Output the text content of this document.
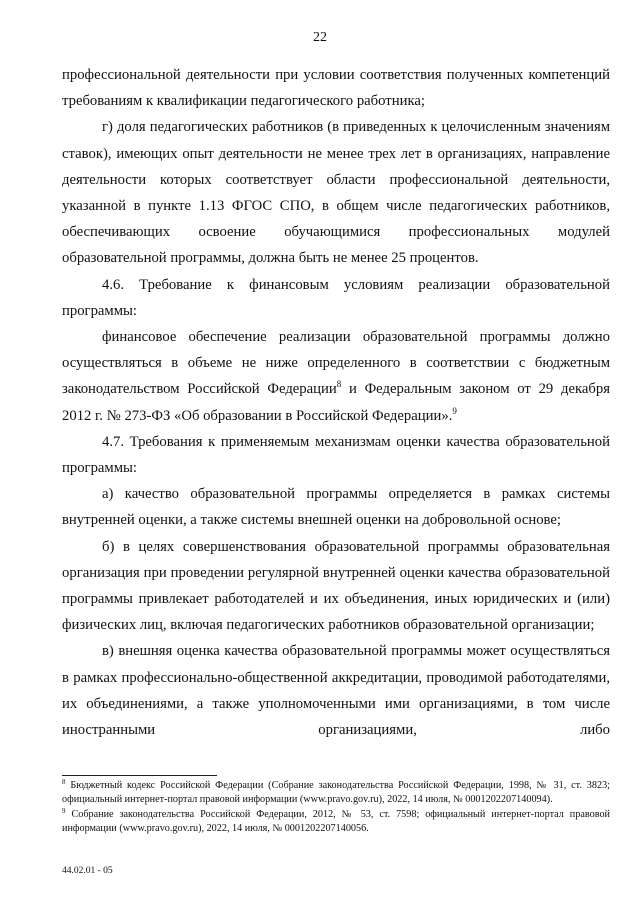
22

профессиональной деятельности при условии соответствия полученных компетенций требованиям к квалификации педагогического работника;

г) доля педагогических работников (в приведенных к целочисленным значениям ставок), имеющих опыт деятельности не менее трех лет в организациях, направление деятельности которых соответствует области профессиональной деятельности, указанной в пункте 1.13 ФГОС СПО, в общем числе педагогических работников, обеспечивающих освоение обучающимися профессиональных модулей образовательной программы, должна быть не менее 25 процентов.

4.6. Требование к финансовым условиям реализации образовательной программы:

финансовое обеспечение реализации образовательной программы должно осуществляться в объеме не ниже определенного в соответствии с бюджетным законодательством Российской Федерации$^8$ и Федеральным законом от 29 декабря 2012 г. № 273-ФЗ «Об образовании в Российской Федерации».$^9$

4.7. Требования к применяемым механизмам оценки качества образовательной программы:

а) качество образовательной программы определяется в рамках системы внутренней оценки, а также системы внешней оценки на добровольной основе;

б) в целях совершенствования образовательной программы образовательная организация при проведении регулярной внутренней оценки качества образовательной программы привлекает работодателей и их объединения, иных юридических и (или) физических лиц, включая педагогических работников образовательной организации;

в) внешняя оценка качества образовательной программы может осуществляться в рамках профессионально-общественной аккредитации, проводимой работодателями, их объединениями, а также уполномоченными ими организациями, в том числе иностранными организациями, либо

$^8$ Бюджетный кодекс Российской Федерации (Собрание законодательства Российской Федерации, 1998, № 31, ст. 3823; официальный интернет-портал правовой информации (www.pravo.gov.ru), 2022, 14 июля, № 0001202207140094).

$^9$ Собрание законодательства Российской Федерации, 2012, № 53, ст. 7598; официальный интернет-портал правовой информации (www.pravo.gov.ru), 2022, 14 июля, № 0001202207140056.

44.02.01 - 05
